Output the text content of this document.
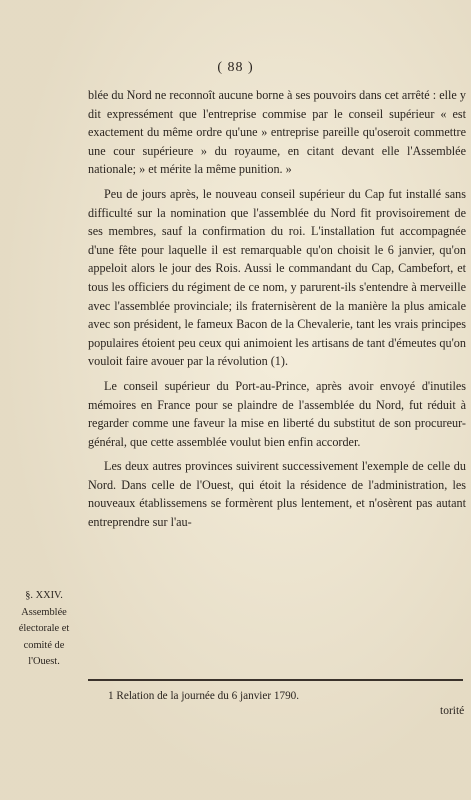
( 88 )

blée du Nord ne reconnoît aucune borne à ses pouvoirs dans cet arrêté : elle y dit expressément que l'entreprise commise par le conseil supérieur « est exactement du même ordre qu'une » entreprise pareille qu'oseroit commettre une cour supérieure » du royaume, en citant devant elle l'Assemblée nationale; » et mérite la même punition. »

Peu de jours après, le nouveau conseil supérieur du Cap fut installé sans difficulté sur la nomination que l'assemblée du Nord fit provisoirement de ses membres, sauf la confirmation du roi. L'installation fut accompagnée d'une fête pour laquelle il est remarquable qu'on choisit le 6 janvier, qu'on appeloit alors le jour des Rois. Aussi le commandant du Cap, Cambefort, et tous les officiers du régiment de ce nom, y parurent-ils s'entendre à merveille avec l'assemblée provinciale; ils fraternisèrent de la manière la plus amicale avec son président, le fameux Bacon de la Chevalerie, tant les vrais principes populaires étoient peu ceux qui animoient les artisans de tant d'émeutes qu'on vouloit faire avouer par la révolution (1).

Le conseil supérieur du Port-au-Prince, après avoir envoyé d'inutiles mémoires en France pour se plaindre de l'assemblée du Nord, fut réduit à regarder comme une faveur la mise en liberté du substitut de son procureur-général, que cette assemblée voulut bien enfin accorder.

Les deux autres provinces suivirent successivement l'exemple de celle du Nord. Dans celle de l'Ouest, qui étoit la résidence de l'administration, les nouveaux établissemens se formèrent plus lentement, et n'osèrent pas autant entreprendre sur l'au-

§. XXIV.
Assemblée
électorale et
comité de
l'Ouest.
1 Relation de la journée du 6 janvier 1790.
torité
